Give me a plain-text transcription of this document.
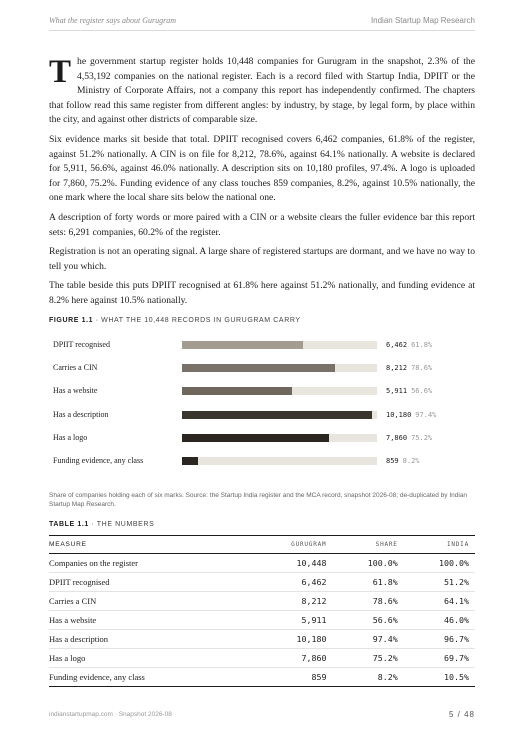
What the register says about Gurugram	Indian Startup Map Research

The government startup register holds 10,448 companies for Gurugram in the snapshot, 2.3% of the 4,53,192 companies on the national register. Each is a record filed with Startup India, DPIIT or the Ministry of Corporate Affairs, not a company this report has independently confirmed. The chapters that follow read this same register from different angles: by industry, by stage, by legal form, by place within the city, and against other districts of comparable size.

Six evidence marks sit beside that total. DPIIT recognised covers 6,462 companies, 61.8% of the register, against 51.2% nationally. A CIN is on file for 8,212, 78.6%, against 64.1% nationally. A website is declared for 5,911, 56.6%, against 46.0% nationally. A description sits on 10,180 profiles, 97.4%. A logo is uploaded for 7,860, 75.2%. Funding evidence of any class touches 859 companies, 8.2%, against 10.5% nationally, the one mark where the local share sits below the national one.

A description of forty words or more paired with a CIN or a website clears the fuller evidence bar this report sets: 6,291 companies, 60.2% of the register.

Registration is not an operating signal. A large share of registered startups are dormant, and we have no way to tell you which.

The table beside this puts DPIIT recognised at 61.8% here against 51.2% nationally, and funding evidence at 8.2% here against 10.5% nationally.

FIGURE 1.1 · WHAT THE 10,448 RECORDS IN GURUGRAM CARRY
DPIIT recognised	6,462 61.8%
Carries a CIN	8,212 78.6%
Has a website	5,911 56.6%
Has a description	10,180 97.4%
Has a logo	7,860 75.2%
Funding evidence, any class	859 8.2%
Share of companies holding each of six marks. Source: the Startup India register and the MCA record, snapshot 2026-08; de-duplicated by Indian Startup Map Research.
TABLE 1.1 · THE NUMBERS
MEASURE	GURUGRAM	SHARE	INDIA
Companies on the register	10,448	100.0%	100.0%
DPIIT recognised	6,462	61.8%	51.2%
Carries a CIN	8,212	78.6%	64.1%
Has a website	5,911	56.6%	46.0%
Has a description	10,180	97.4%	96.7%
Has a logo	7,860	75.2%	69.7%
Funding evidence, any class	859	8.2%	10.5%
indianstartupmap.com · Snapshot 2026-08	5 / 48
